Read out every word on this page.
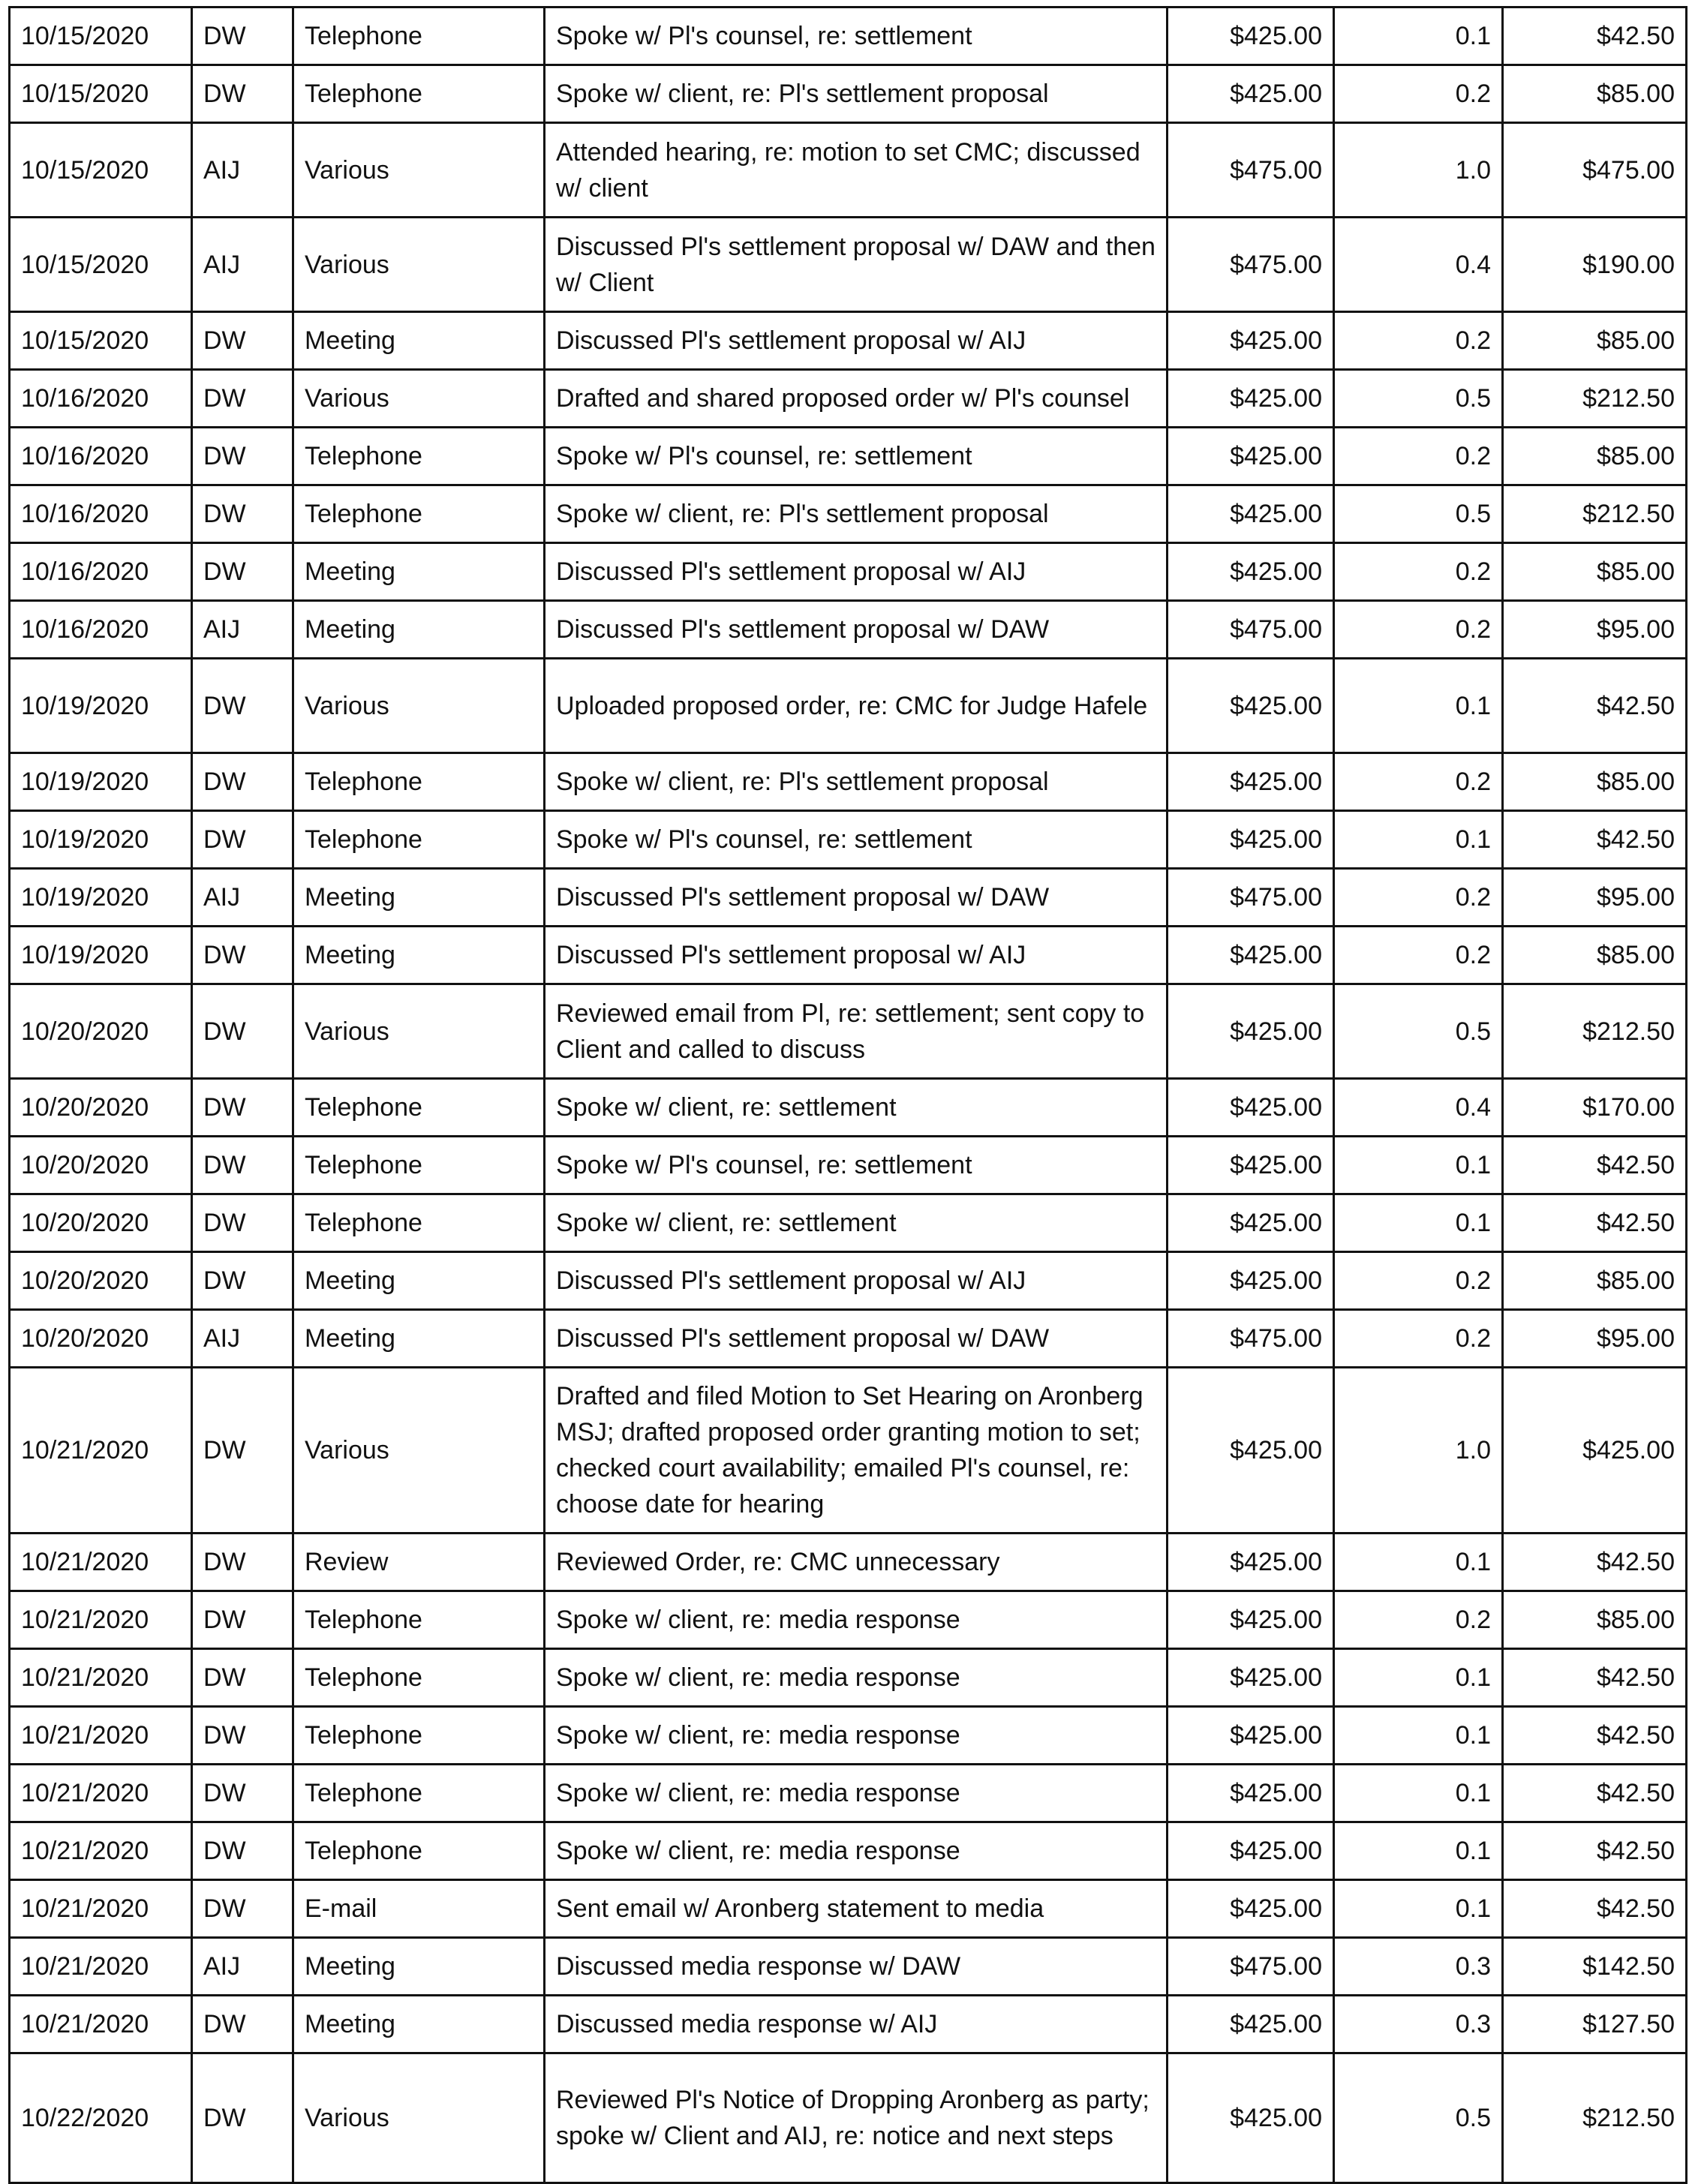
10/15/2020	DW	Telephone	Spoke w/ Pl's counsel, re: settlement	$425.00	0.1	$42.50
10/15/2020	DW	Telephone	Spoke w/ client, re: Pl's settlement proposal	$425.00	0.2	$85.00
10/15/2020	AIJ	Various	Attended hearing, re: motion to set CMC; discussed w/ client	$475.00	1.0	$475.00
10/15/2020	AIJ	Various	Discussed Pl's settlement proposal w/ DAW and then w/ Client	$475.00	0.4	$190.00
10/15/2020	DW	Meeting	Discussed Pl's settlement proposal w/ AIJ	$425.00	0.2	$85.00
10/16/2020	DW	Various	Drafted and shared proposed order w/ Pl's counsel	$425.00	0.5	$212.50
10/16/2020	DW	Telephone	Spoke w/ Pl's counsel, re: settlement	$425.00	0.2	$85.00
10/16/2020	DW	Telephone	Spoke w/ client, re: Pl's settlement proposal	$425.00	0.5	$212.50
10/16/2020	DW	Meeting	Discussed Pl's settlement proposal w/ AIJ	$425.00	0.2	$85.00
10/16/2020	AIJ	Meeting	Discussed Pl's settlement proposal w/ DAW	$475.00	0.2	$95.00
10/19/2020	DW	Various	Uploaded proposed order, re: CMC for Judge Hafele	$425.00	0.1	$42.50
10/19/2020	DW	Telephone	Spoke w/ client, re: Pl's settlement proposal	$425.00	0.2	$85.00
10/19/2020	DW	Telephone	Spoke w/ Pl's counsel, re: settlement	$425.00	0.1	$42.50
10/19/2020	AIJ	Meeting	Discussed Pl's settlement proposal w/ DAW	$475.00	0.2	$95.00
10/19/2020	DW	Meeting	Discussed Pl's settlement proposal w/ AIJ	$425.00	0.2	$85.00
10/20/2020	DW	Various	Reviewed email from Pl, re: settlement; sent copy to Client and called to discuss	$425.00	0.5	$212.50
10/20/2020	DW	Telephone	Spoke w/ client, re: settlement	$425.00	0.4	$170.00
10/20/2020	DW	Telephone	Spoke w/ Pl's counsel, re: settlement	$425.00	0.1	$42.50
10/20/2020	DW	Telephone	Spoke w/ client, re: settlement	$425.00	0.1	$42.50
10/20/2020	DW	Meeting	Discussed Pl's settlement proposal w/ AIJ	$425.00	0.2	$85.00
10/20/2020	AIJ	Meeting	Discussed Pl's settlement proposal w/ DAW	$475.00	0.2	$95.00
10/21/2020	DW	Various	Drafted and filed Motion to Set Hearing on Aronberg MSJ; drafted proposed order granting motion to set; checked court availability; emailed Pl's counsel, re: choose date for hearing	$425.00	1.0	$425.00
10/21/2020	DW	Review	Reviewed Order, re: CMC unnecessary	$425.00	0.1	$42.50
10/21/2020	DW	Telephone	Spoke w/ client, re: media response	$425.00	0.2	$85.00
10/21/2020	DW	Telephone	Spoke w/ client, re: media response	$425.00	0.1	$42.50
10/21/2020	DW	Telephone	Spoke w/ client, re: media response	$425.00	0.1	$42.50
10/21/2020	DW	Telephone	Spoke w/ client, re: media response	$425.00	0.1	$42.50
10/21/2020	DW	Telephone	Spoke w/ client, re: media response	$425.00	0.1	$42.50
10/21/2020	DW	E-mail	Sent email w/ Aronberg statement to media	$425.00	0.1	$42.50
10/21/2020	AIJ	Meeting	Discussed media response w/ DAW	$475.00	0.3	$142.50
10/21/2020	DW	Meeting	Discussed media response w/ AIJ	$425.00	0.3	$127.50
10/22/2020	DW	Various	Reviewed Pl's Notice of Dropping Aronberg as party; spoke w/ Client and AIJ, re: notice and next steps	$425.00	0.5	$212.50
